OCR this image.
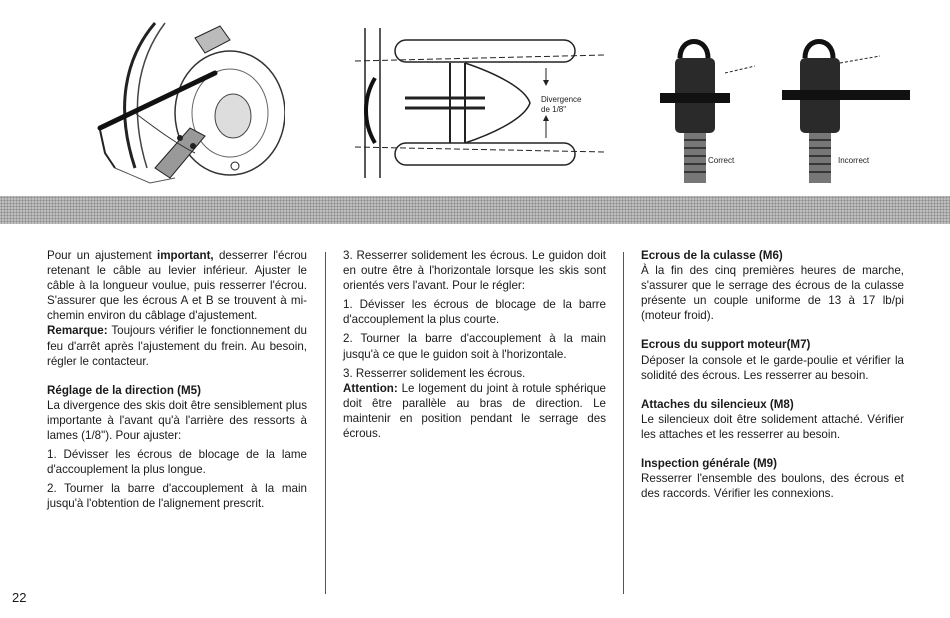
Divergence
de 1/8"
Correct	Incorrect

Pour un ajustement important, desserrer l'écrou retenant le câble au levier inférieur. Ajuster le câble à la longueur voulue, puis resserrer l'écrou. S'assurer que les écrous A et B se trouvent à mi-chemin environ du câblage d'ajustement.

Remarque: Toujours vérifier le fonctionnement du feu d'arrêt après l'ajustement du frein. Au besoin, régler le contacteur.

Réglage de la direction (M5)

La divergence des skis doit être sensiblement plus importante à l'avant qu'à l'arrière des ressorts à lames (1/8"). Pour ajuster:

1. Dévisser les écrous de blocage de la lame d'accouplement la plus longue.

2. Tourner la barre d'accouplement à la main jusqu'à l'obtention de l'alignement prescrit.

3. Resserrer solidement les écrous. Le guidon doit en outre être à l'horizontale lorsque les skis sont orientés vers l'avant. Pour le régler:

1. Dévisser les écrous de blocage de la barre d'accouplement la plus courte.

2. Tourner la barre d'accouplement à la main jusqu'à ce que le guidon soit à l'horizontale.

3. Resserrer solidement les écrous.

Attention: Le logement du joint à rotule sphérique doit être parallèle au bras de direction. Le maintenir en position pendant le serrage des écrous.

Ecrous de la culasse (M6)

À la fin des cinq premières heures de marche, s'assurer que le serrage des écrous de la culasse présente un couple uniforme de 13 à 17 lb/pi (moteur froid).

Ecrous du support moteur(M7)

Déposer la console et le garde-poulie et vérifier la solidité des écrous. Les resserrer au besoin.

Attaches du silencieux (M8)

Le silencieux doit être solidement attaché. Vérifier les attaches et les resserrer au besoin.

Inspection générale (M9)

Resserrer l'ensemble des boulons, des écrous et des raccords. Vérifier les connexions.

22
